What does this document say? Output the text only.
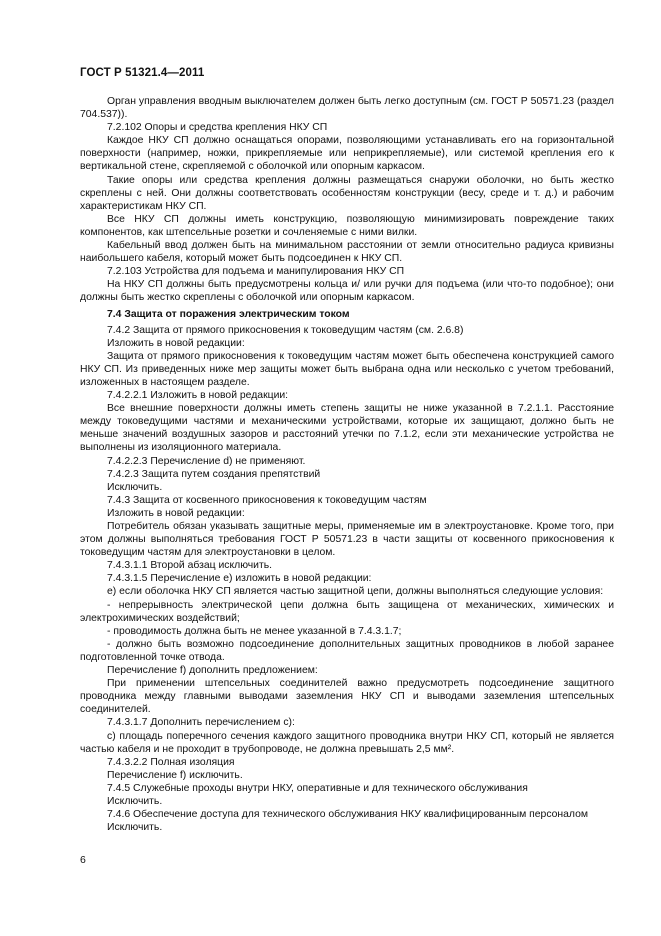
ГОСТ Р 51321.4—2011

Орган управления вводным выключателем должен быть легко доступным (см. ГОСТ Р 50571.23 (раздел 704.537)).

7.2.102 Опоры и средства крепления НКУ СП

Каждое НКУ СП должно оснащаться опорами, позволяющими устанавливать его на горизонтальной поверхности (например, ножки, прикрепляемые или неприкрепляемые), или системой крепления его к вертикальной стене, скрепляемой с оболочкой или опорным каркасом.

Такие опоры или средства крепления должны размещаться снаружи оболочки, но быть жестко скреплены с ней. Они должны соответствовать особенностям конструкции (весу, среде и т. д.) и рабочим характеристикам НКУ СП.

Все НКУ СП должны иметь конструкцию, позволяющую минимизировать повреждение таких компонентов, как штепсельные розетки и сочленяемые с ними вилки.

Кабельный ввод должен быть на минимальном расстоянии от земли относительно радиуса кривизны наибольшего кабеля, который может быть подсоединен к НКУ СП.

7.2.103 Устройства для подъема и манипулирования НКУ СП

На НКУ СП должны быть предусмотрены кольца и/ или ручки для подъема (или что-то подобное); они должны быть жестко скреплены с оболочкой или опорным каркасом.

7.4 Защита от поражения электрическим током

7.4.2 Защита от прямого прикосновения к токоведущим частям (см. 2.6.8)

Изложить в новой редакции:

Защита от прямого прикосновения к токоведущим частям может быть обеспечена конструкцией самого НКУ СП. Из приведенных ниже мер защиты может быть выбрана одна или несколько с учетом требований, изложенных в настоящем разделе.

7.4.2.2.1 Изложить в новой редакции:

Все внешние поверхности должны иметь степень защиты не ниже указанной в 7.2.1.1. Расстояние между токоведущими частями и механическими устройствами, которые их защищают, должно быть не меньше значений воздушных зазоров и расстояний утечки по 7.1.2, если эти механические устройства не выполнены из изоляционного материала.

7.4.2.2.3 Перечисление d) не применяют.

7.4.2.3 Защита путем создания препятствий

Исключить.

7.4.3 Защита от косвенного прикосновения к токоведущим частям

Изложить в новой редакции:

Потребитель обязан указывать защитные меры, применяемые им в электроустановке. Кроме того, при этом должны выполняться требования ГОСТ Р 50571.23 в части защиты от косвенного прикосновения к токоведущим частям для электроустановки в целом.

7.4.3.1.1 Второй абзац исключить.

7.4.3.1.5 Перечисление е) изложить в новой редакции:

е) если оболочка НКУ СП является частью защитной цепи, должны выполняться следующие условия:

- непрерывность электрической цепи должна быть защищена от механических, химических и электрохимических воздействий;

- проводимость должна быть не менее указанной в 7.4.3.1.7;

- должно быть возможно подсоединение дополнительных защитных проводников в любой заранее подготовленной точке отвода.

Перечисление f) дополнить предложением:

При применении штепсельных соединителей важно предусмотреть подсоединение защитного проводника между главными выводами заземления НКУ СП и выводами заземления штепсельных соединителей.

7.4.3.1.7 Дополнить перечислением с):

с) площадь поперечного сечения каждого защитного проводника внутри НКУ СП, который не является частью кабеля и не проходит в трубопроводе, не должна превышать 2,5 мм².

7.4.3.2.2 Полная изоляция

Перечисление f) исключить.

7.4.5 Служебные проходы внутри НКУ, оперативные и для технического обслуживания

Исключить.

7.4.6 Обеспечение доступа для технического обслуживания НКУ квалифицированным персоналом

Исключить.

6
